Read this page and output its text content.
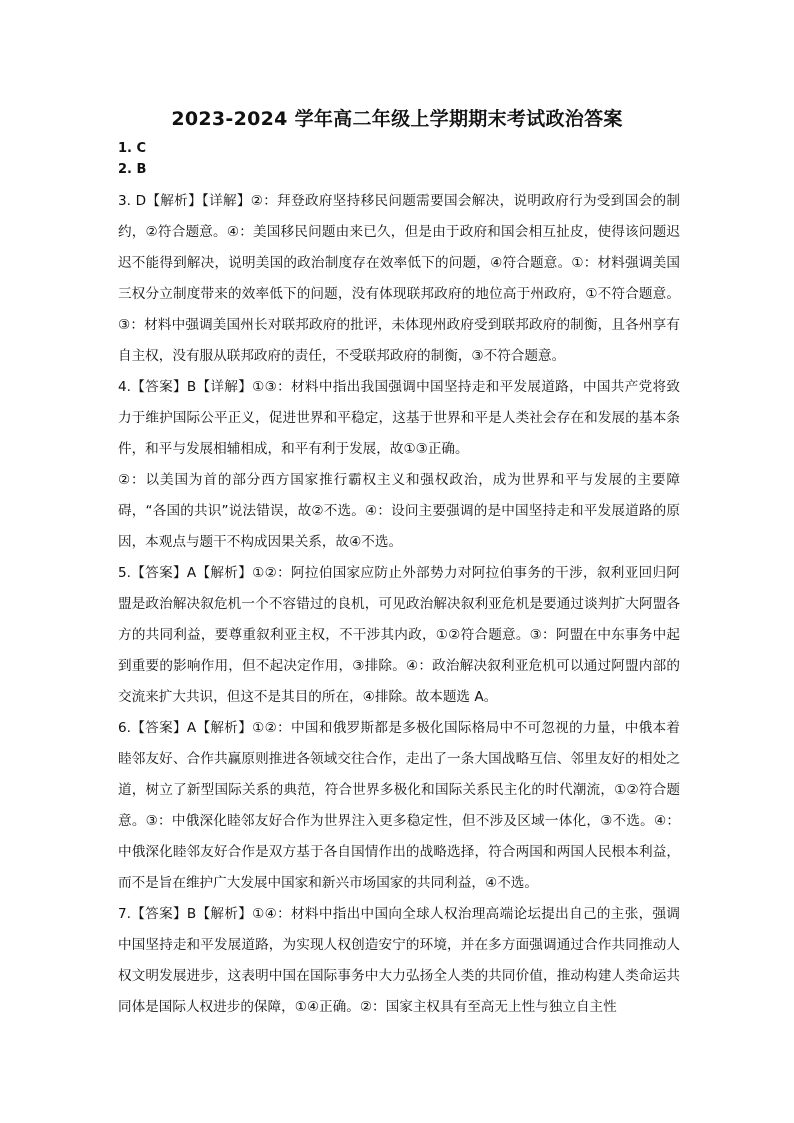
2023-2024 学年高二年级上学期期末考试政治答案
1. C
2. B

3. D【解析】【详解】②：拜登政府坚持移民问题需要国会解决，说明政府行为受到国会的制约，②符合题意。④：美国移民问题由来已久，但是由于政府和国会相互扯皮，使得该问题迟迟不能得到解决，说明美国的政治制度存在效率低下的问题，④符合题意。①：材料强调美国三权分立制度带来的效率低下的问题，没有体现联邦政府的地位高于州政府，①不符合题意。③：材料中强调美国州长对联邦政府的批评，未体现州政府受到联邦政府的制衡，且各州享有自主权，没有服从联邦政府的责任，不受联邦政府的制衡，③不符合题意。

4.【答案】B【详解】①③：材料中指出我国强调中国坚持走和平发展道路，中国共产党将致力于维护国际公平正义，促进世界和平稳定，这基于世界和平是人类社会存在和发展的基本条件，和平与发展相辅相成，和平有利于发展，故①③正确。

②：以美国为首的部分西方国家推行霸权主义和强权政治，成为世界和平与发展的主要障碍，“各国的共识”说法错误，故②不选。④：设问主要强调的是中国坚持走和平发展道路的原因，本观点与题干不构成因果关系，故④不选。

5.【答案】A【解析】①②：阿拉伯国家应防止外部势力对阿拉伯事务的干涉，叙利亚回归阿盟是政治解决叙危机一个不容错过的良机，可见政治解决叙利亚危机是要通过谈判扩大阿盟各方的共同利益，要尊重叙利亚主权，不干涉其内政，①②符合题意。③：阿盟在中东事务中起到重要的影响作用，但不起决定作用，③排除。④：政治解决叙利亚危机可以通过阿盟内部的交流来扩大共识，但这不是其目的所在，④排除。故本题选 A。

6.【答案】A【解析】①②：中国和俄罗斯都是多极化国际格局中不可忽视的力量，中俄本着睦邻友好、合作共赢原则推进各领域交往合作，走出了一条大国战略互信、邻里友好的相处之道，树立了新型国际关系的典范，符合世界多极化和国际关系民主化的时代潮流，①②符合题意。③：中俄深化睦邻友好合作为世界注入更多稳定性，但不涉及区域一体化，③不选。④：中俄深化睦邻友好合作是双方基于各自国情作出的战略选择，符合两国和两国人民根本利益，而不是旨在维护广大发展中国家和新兴市场国家的共同利益，④不选。

7.【答案】B【解析】①④：材料中指出中国向全球人权治理高端论坛提出自己的主张，强调中国坚持走和平发展道路，为实现人权创造安宁的环境，并在多方面强调通过合作共同推动人权文明发展进步，这表明中国在国际事务中大力弘扬全人类的共同价值，推动构建人类命运共同体是国际人权进步的保障，①④正确。②：国家主权具有至高无上性与独立自主性
